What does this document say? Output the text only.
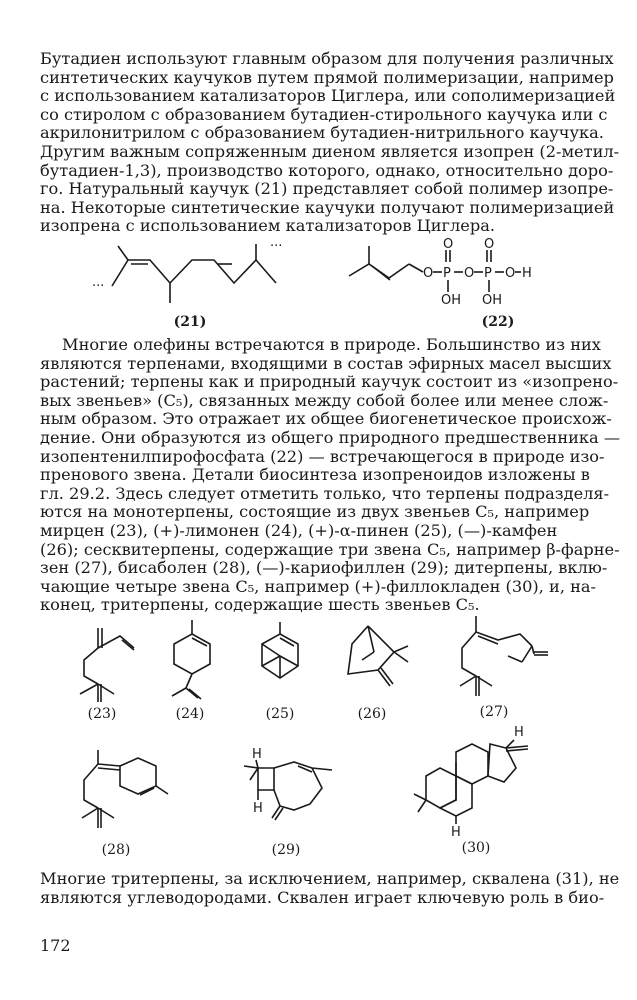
Бутадиен используют главным образом для получения различных
синтетических каучуков путем прямой полимеризации, например
с использованием катализаторов Циглера, или сополимеризацией
со стиролом с образованием бутадиен-стирольного каучука или с
акрилонитрилом с образованием бутадиен-нитрильного каучука.
Другим важным сопряженным диеном является изопрен (2-метил-
бутадиен-1,3), производство которого, однако, относительно доро-
го. Натуральный каучук (21) представляет собой полимер изопре-
на. Некоторые синтетические каучуки получают полимеризацией
изопрена с использованием катализаторов Циглера.
···
···
(21)
O P
O
OH
O P
O
OH
O H
(22)
Многие олефины встречаются в природе. Большинство из них
являются терпенами, входящими в состав эфирных масел высших
растений; терпены как и природный каучук состоит из «изопрено-
вых звеньев» (C₅), связанных между собой более или менее слож-
ным образом. Это отражает их общее биогенетическое происхож-
дение. Они образуются из общего природного предшественника —
изопентенилпирофосфата (22) — встречающегося в природе изо-
пренового звена. Детали биосинтеза изопреноидов изложены в
гл. 29.2. Здесь следует отметить только, что терпены подразделя-
ются на монотерпены, состоящие из двух звеньев C₅, например
мирцен (23), (+)-лимонен (24), (+)-α-пинен (25), (—)-камфен
(26); сесквитерпены, содержащие три звена C₅, например β-фарне-
зен (27), бисаболен (28), (—)-кариофиллен (29); дитерпены, вклю-
чающие четыре звена C₅, например (+)-филлокладен (30), и, на-
конец, тритерпены, содержащие шесть звеньев C₅.
(23)	(24)	(25)	(26)	(27)
(28)
H
H
(29)
H
H
(30)
Многие тритерпены, за исключением, например, сквалена (31), не
являются углеводородами. Сквален играет ключевую роль в био-
172
